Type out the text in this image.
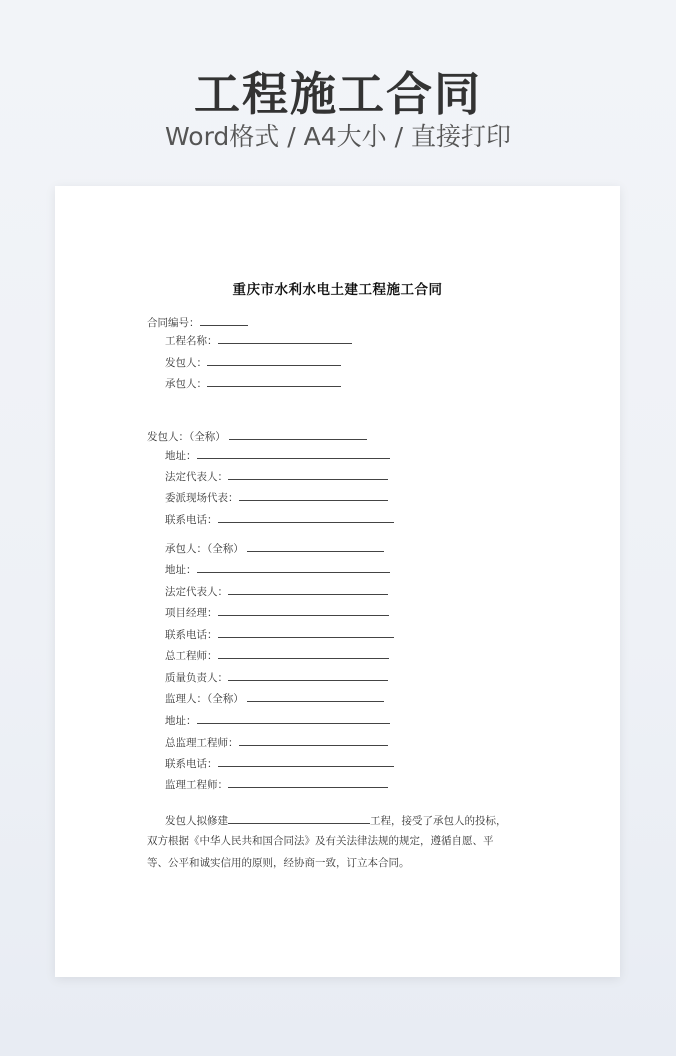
工程施工合同
Word格式 / A4大小 / 直接打印
重庆市水利水电土建工程施工合同
合同编号：
工程名称：
发包人：
承包人：
发包人：（全称）
地址：
法定代表人：
委派现场代表：
联系电话：
承包人：（全称）
地址：
法定代表人：
项目经理：
联系电话：
总工程师：
质量负责人：
监理人：（全称）
地址：
总监理工程师：
联系电话：
监理工程师：
发包人拟修建	工程，接受了承包人的投标，
双方根据《中华人民共和国合同法》及有关法律法规的规定，遵循自愿、平
等、公平和诚实信用的原则，经协商一致，订立本合同。
